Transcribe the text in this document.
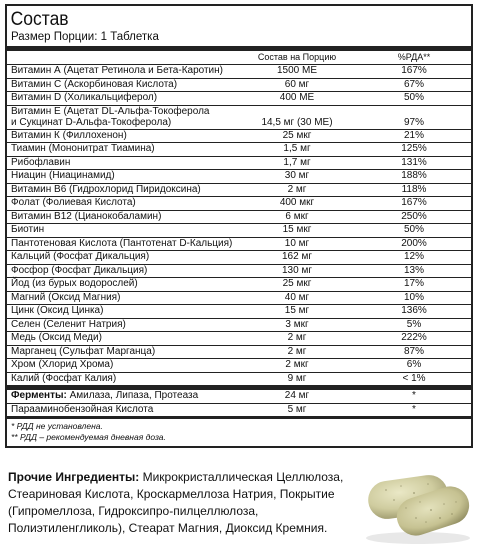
Состав
Размер Порции: 1 Таблетка
Состав на Порцию	%РДА**
Витамин А (Ацетат Ретинола и Бета-Каротин)	1500 МЕ	167%
Витамин С (Аскорбиновая Кислота)	60 мг	67%
Витамин D (Холикальциферол)	400 МЕ	50%
Витамин Е (Ацетат DL-Альфа-Токоферола
и Сукцинат D-Альфа-Токоферола)	14,5 мг (30 МЕ)	97%
Витамин К (Филлохенон)	25 мкг	21%
Тиамин (Мононитрат Тиамина)	1,5 мг	125%
Рибофлавин	1,7 мг	131%
Ниацин (Ниацинамид)	30 мг	188%
Витамин В6 (Гидрохлорид Пиридоксина)	2 мг	118%
Фолат (Фолиевая Кислота)	400 мкг	167%
Витамин В12 (Цианокобаламин)	6 мкг	250%
Биотин	15 мкг	50%
Пантотеновая Кислота (Пантотенат D-Кальция)	10 мг	200%
Кальций (Фосфат Дикальция)	162 мг	12%
Фосфор (Фосфат Дикальция)	130 мг	13%
Йод (из бурых водорослей)	25 мкг	17%
Магний (Оксид Магния)	40 мг	10%
Цинк (Оксид Цинка)	15 мг	136%
Селен (Селенит Натрия)	3 мкг	5%
Медь (Оксид Меди)	2 мг	222%
Марганец (Сульфат Марганца)	2 мг	87%
Хром (Хлорид Хрома)	2 мкг	6%
Калий (Фосфат Калия)	9 мг	< 1%
Ферменты: Амилаза, Липаза, Протеаза	24 мг	*
Парааминобензойная Кислота	5 мг	*
* РДД не установлена.
** РДД – рекомендуемая дневная доза.
Прочие Ингредиенты: Микрокристаллическая Целлюлоза, Стеариновая Кислота, Кроскармеллоза Натрия, Покрытие (Гипромеллоза, Гидроксипро-пилцеллюлоза, Полиэтиленгликоль), Стеарат Магния, Диоксид Кремния.
